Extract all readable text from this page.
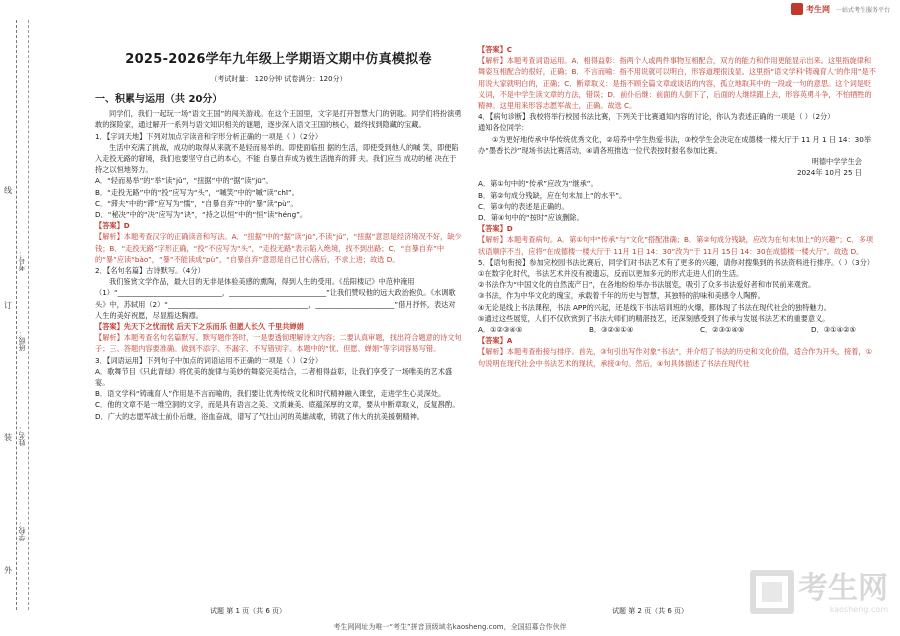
外
装
订
线
学校：
姓名：
班级：
考号：
考生网 一站式考生服务平台
2025-2026学年九年级上学期语文期中仿真模拟卷
（考试时量： 120分钟 试卷满分：120分）
一、积累与运用（共 20分）

同学们，我们一起玩一场“语文王国”的闯关游戏。在这个王国里，文字是打开智慧大门的钥匙。同学们将扮演勇敢的探险家，通过解开一系列与语文知识相关的谜题，逐步深入语文王国的核心，最终找到隐藏的宝藏。

1．【字词天地】下列对加点字读音和字形分析正确的一项是（ ）（2分）

生活中充满了挑战，成功的取得从来就不是轻而易举的。即使面临扭 据的生活，即使受到他人的嘁 笑，即便陷入走投无路的窘境，我们也要坚守自己的本心，不能 自暴自弃成为被生活抛弃的滞 夫。我们应当 成功的秘 决在于持之以恒地努力。

A．“轻而易举”的“举”读“jǔ”，“扭据”中的“据”读“jū”。

B．“走投无路”中的“投”应写为“头”，“嘁笑”中的“嘁”读“chī”。

C．“滞夫”中的“滞”应写为“懦”，“自暴自弃”中的“暴”读“pù”。

D．“秘决”中的“决”应写为“诀”，“持之以恒”中的“恒”读“héng”。

【答案】D

【解析】本题考查汉字的正确读音和写法。A．“扭据”中的“据”读“jū”,不读“jǔ”，“扭据”意思是经济境况不好，缺少钱；B．“走投无路”字形正确，“投”不应写为“头”，“走投无路”表示陷入绝境，找不到出路；C．“自暴自弃”中的“暴”应读“bào”，“暴”不能读成“pù”，“自暴自弃”意思是自己甘心落后，不求上进；故选 D。

2．【名句名篇】古诗默写。（4分）

我们鉴赏文学作品，最大目的无非是体验美感的熏陶，得到人生的受用。《岳阳楼记》中范仲淹用（1）“_____________________________，___________________________”让我们赞叹他的远大政治抱负。《水调歌头》中，苏轼用（2）“_______________________________________，______________________”借月抒怀，表达对人生的美好祝愿，尽显豁达胸襟。

【答案】先天下之忧而忧 后天下之乐而乐 但愿人长久 千里共婵娟

【解析】本题考查名句名篇默写。默写题作答时，一是要透彻理解诗文内容；二要认真审题，找出符合题意的诗文句子；三、答题内容要准确。做到不添字、不漏字、不写错别字。本题中的“忧、但愿、婵娟”等字词容易写错。

3．【词语运用】下列句子中加点的词语运用不正确的一项是（ ）（2分）

A．歌舞节目《只此青绿》将优美的旋律与美妙的舞姿完美结合，二者相得益彰，让我们享受了一场唯美的艺术盛宴。

B．语文学科“铸魂育人”作用是不言而喻的，我们要让优秀传统文化和时代精神融入课堂，走进学生心灵深处。

C．他的文章不是一堆空洞的文字，而是具有语言之美、文质兼美、底蕴深厚的文章，要从中断章取义，反复斟酌。

D．广大的志愿军战士前仆后继，浴血奋战，谱写了气壮山河的英雄战歌，铸就了伟大的抗美援朝精神。

【答案】C

【解析】本题考查词语运用。A．相得益彰：指两个人或两件事物互相配合，双方的能力和作用更能显示出来。这里指旋律和舞姿互相配合的很好，正确；B．不言而喻：指不用说就可以明白，形容道理很浅显。这里指“语文学科‘铸魂育人’的作用”是不用说大家就明白的，正确；C．断章取义：是指不顾全篇文章或谈话的内容，孤立地取其中的一段或一句的意思。这个词是贬义词，不是中学生读文章的方法，错误；D．前仆后继：前面的人倒下了，后面的人继续跟上去，形容英勇斗争，不怕牺牲的精神。这里用来形容志愿军战士，正确。故选 C。

4．【病句诊断】我校将举行校园书法比赛，下列关于比赛通知内容的讨论，你认为表述正确的一项是（ ）（2分）

通知各位同学：

①为更好地传承中华传统优秀文化，②培养中学生热爱书法，③校学生会决定在成德楼一楼大厅于 11 月 1 日 14：30举办“墨香长沙”现场书法比赛活动，④请各班推选一位代表按时报名参加比赛。

明德中学学生会

2024年 10月 25 日

A．第①句中的“传承”应改为“继承”。

B．第②句成分残缺，应在句末加上“的水平”。

C．第③句的表述是正确的。

D．第④句中的“按时”应该删除。

【答案】D

【解析】本题考查病句。A．第①句中“传承”与“文化”搭配准确；B．第②句成分残缺，应改为在句末加上“的兴趣”；C．多项状语顺序不当，应将“在成德楼一楼大厅于 11月 1日 14：30”改为“于 11月 15日 14：30在成德楼一楼大厅”。故选 D。

5．【语句衔接】参加完校园书法比赛后，同学们对书法艺术有了更多的兴趣，请你对搜集到的书法资料进行排序。（ ）（3分）

①在数字化时代，书法艺术并没有被遗忘，反而以更加多元的形式走进人们的生活。

②书法作为“中国文化的自然流产日”，在各地纷纷举办书法展览，吸引了众多书法爱好者和市民前来观赏。

③书法，作为中华文化的瑰宝，承载着千年的历史与智慧，其独特的韵味和美感令人陶醉。

④无论是线上书法课程，书法 APP的兴起，还是线下书法培训班的火爆，都体现了书法在现代社会的独特魅力。

⑤通过这些展览，人们不仅欣赏到了书法大师们的精湛技艺，还深刻感受到了传承与发展书法艺术的重要意义。

A．①②③④⑤	B．③②⑤①④	C．②③①④⑤	D．③①④②⑤

【答案】A

【解析】本题考查衔接与排序。首先，③句引出写作对象“书法”，并介绍了书法的历史和文化价值，适合作为开头，接着，①句说明在现代社会中书法艺术的现状，承接③句。然后，④句具体描述了书法在现代社

试题 第 1 页（共 6 页）	试题 第 2 页（共 6 页）
考生网网址为唯一“考生”拼音顶级域名kaosheng.com，全国招募合作伙伴
考生网
kaosheng.com
